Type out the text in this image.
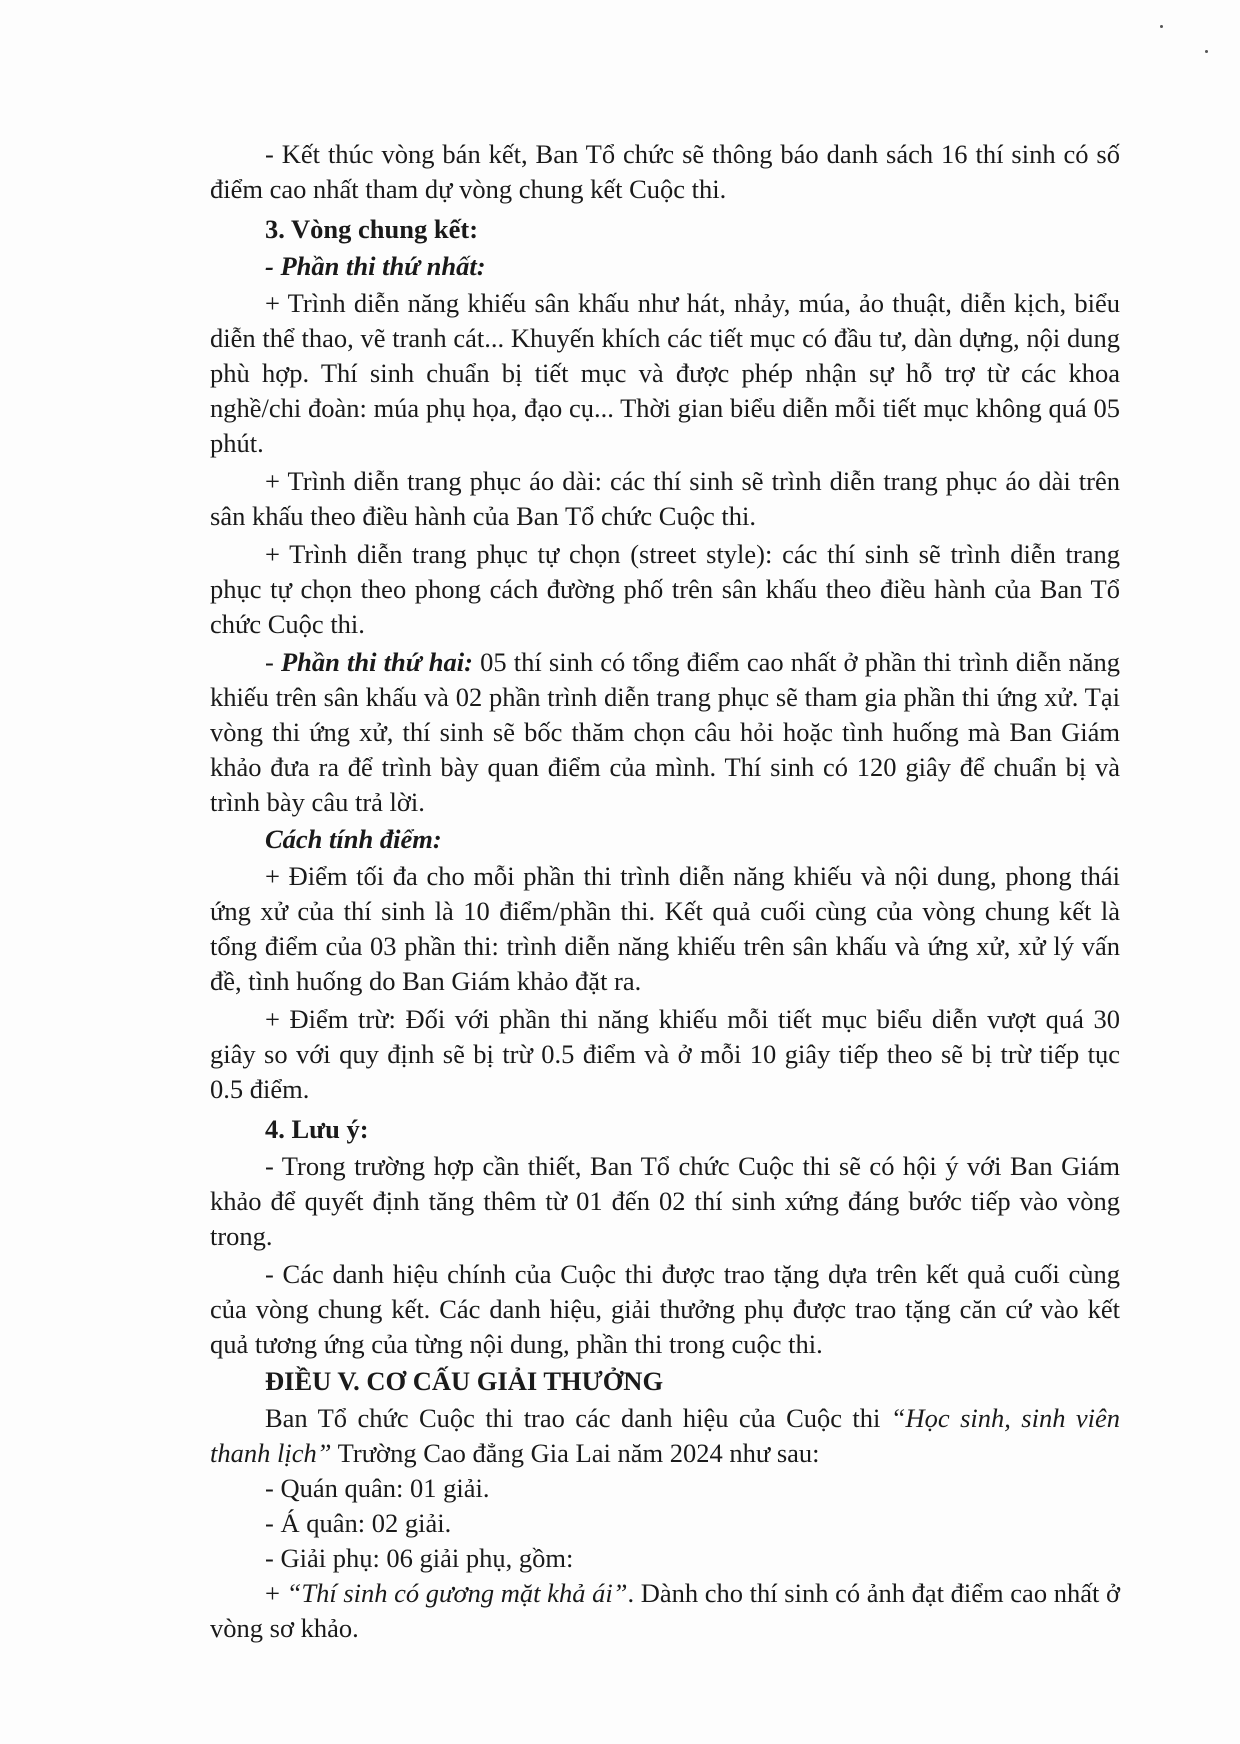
- Kết thúc vòng bán kết, Ban Tổ chức sẽ thông báo danh sách 16 thí sinh có số điểm cao nhất tham dự vòng chung kết Cuộc thi.

3. Vòng chung kết:

- Phần thi thứ nhất:

+ Trình diễn năng khiếu sân khấu như hát, nhảy, múa, ảo thuật, diễn kịch, biểu diễn thể thao, vẽ tranh cát... Khuyến khích các tiết mục có đầu tư, dàn dựng, nội dung phù hợp. Thí sinh chuẩn bị tiết mục và được phép nhận sự hỗ trợ từ các khoa nghề/chi đoàn: múa phụ họa, đạo cụ... Thời gian biểu diễn mỗi tiết mục không quá 05 phút.

+ Trình diễn trang phục áo dài: các thí sinh sẽ trình diễn trang phục áo dài trên sân khấu theo điều hành của Ban Tổ chức Cuộc thi.

+ Trình diễn trang phục tự chọn (street style): các thí sinh sẽ trình diễn trang phục tự chọn theo phong cách đường phố trên sân khấu theo điều hành của Ban Tổ chức Cuộc thi.

- Phần thi thứ hai: 05 thí sinh có tổng điểm cao nhất ở phần thi trình diễn năng khiếu trên sân khấu và 02 phần trình diễn trang phục sẽ tham gia phần thi ứng xử. Tại vòng thi ứng xử, thí sinh sẽ bốc thăm chọn câu hỏi hoặc tình huống mà Ban Giám khảo đưa ra để trình bày quan điểm của mình. Thí sinh có 120 giây để chuẩn bị và trình bày câu trả lời.

Cách tính điểm:

+ Điểm tối đa cho mỗi phần thi trình diễn năng khiếu và nội dung, phong thái ứng xử của thí sinh là 10 điểm/phần thi. Kết quả cuối cùng của vòng chung kết là tổng điểm của 03 phần thi: trình diễn năng khiếu trên sân khấu và ứng xử, xử lý vấn đề, tình huống do Ban Giám khảo đặt ra.

+ Điểm trừ: Đối với phần thi năng khiếu mỗi tiết mục biểu diễn vượt quá 30 giây so với quy định sẽ bị trừ 0.5 điểm và ở mỗi 10 giây tiếp theo sẽ bị trừ tiếp tục 0.5 điểm.

4. Lưu ý:

- Trong trường hợp cần thiết, Ban Tổ chức Cuộc thi sẽ có hội ý với Ban Giám khảo để quyết định tăng thêm từ 01 đến 02 thí sinh xứng đáng bước tiếp vào vòng trong.

- Các danh hiệu chính của Cuộc thi được trao tặng dựa trên kết quả cuối cùng của vòng chung kết. Các danh hiệu, giải thưởng phụ được trao tặng căn cứ vào kết quả tương ứng của từng nội dung, phần thi trong cuộc thi.

ĐIỀU V. CƠ CẤU GIẢI THƯỞNG

Ban Tổ chức Cuộc thi trao các danh hiệu của Cuộc thi “Học sinh, sinh viên thanh lịch” Trường Cao đẳng Gia Lai năm 2024 như sau:

- Quán quân: 01 giải.

- Á quân: 02 giải.

- Giải phụ: 06 giải phụ, gồm:

+ “Thí sinh có gương mặt khả ái”. Dành cho thí sinh có ảnh đạt điểm cao nhất ở vòng sơ khảo.
